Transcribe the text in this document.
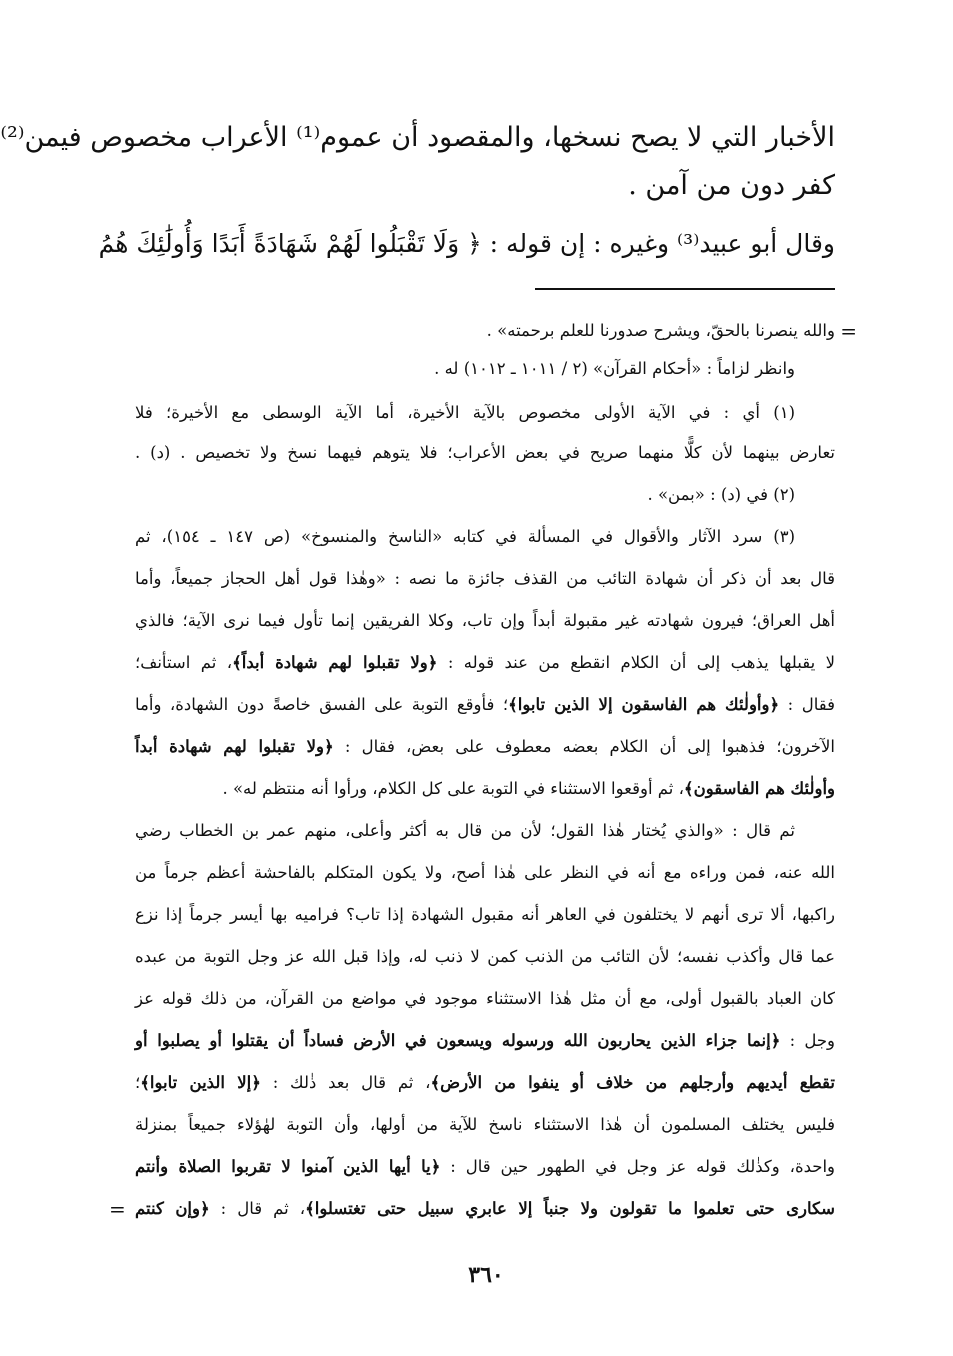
الأخبار التي لا يصح نسخها، والمقصود أن عموم⁽¹⁾ الأعراب مخصوص فيمن⁽²⁾
كفر دون من آمن .
وقال أبو عبيد⁽³⁾ وغيره : إن قوله : ﴿ وَلَا تَقْبَلُوا لَهُمْ شَهَادَةً أَبَدًا وَأُولَٰئِكَ هُمُ
=
والله ينصرنا بالحقّ، ويشرح صدورنا للعلم برحمته» .
وانظر لزاماً : «أحكام القرآن» (٢ / ١٠١١ ـ ١٠١٢) له .
(١) أي : في الآية الأولى مخصوص بالآية الأخيرة، أما الآية الوسطى مع الأخيرة؛ فلا
تعارض بينهما لأن كلًّا منهما صريح في بعض الأعراب؛ فلا يتوهم فيهما نسخ ولا تخصيص . (د) .
(٢) في (د) : «بمن» .
(٣) سرد الآثار والأقوال في المسألة في كتابه «الناسخ والمنسوخ» (ص ١٤٧ ـ ١٥٤)، ثم
قال بعد أن ذكر أن شهادة التائب من القذف جائزة ما نصه : «وهٰذا قول أهل الحجاز جميعاً، وأما
أهل العراق؛ فيرون شهادته غير مقبولة أبداً وإن تاب، وكلا الفريقين إنما تأول فيما نرى الآية؛ فالذي
لا يقبلها يذهب إلى أن الكلام انقطع من عند قوله : ﴿ولا تقبلوا لهم شهادة أبداً﴾، ثم استأنف؛
فقال : ﴿وأولٰئك هم الفاسقون إلا الذين تابوا﴾؛ فأوقع التوبة على الفسق خاصةً دون الشهادة، وأما
الآخرون؛ فذهبوا إلى أن الكلام بعضه معطوف على بعض، فقال : ﴿ولا تقبلوا لهم شهادة أبداً
وأولٰئك هم الفاسقون﴾، ثم أوقعوا الاستثناء في التوبة على كل الكلام، ورأوا أنه منتظم له» .
ثم قال : «والذي يُختار هٰذا القول؛ لأن من قال به أكثر وأعلى، منهم عمر بن الخطاب رضي
الله عنه، فمن وراءه مع أنه في النظر على هٰذا أصح، ولا يكون المتكلم بالفاحشة أعظم جرماً من
راكبها، ألا ترى أنهم لا يختلفون في العاهر أنه مقبول الشهادة إذا تاب؟ فراميه بها أيسر جرماً إذا نزع
عما قال وأكذب نفسه؛ لأن التائب من الذنب كمن لا ذنب له، وإذا قبل الله عز وجل التوبة من عبده
كان العباد بالقبول أولى، مع أن مثل هٰذا الاستثناء موجود في مواضع من القرآن، من ذلك قوله عز
وجل : ﴿إنما جزاء الذين يحاربون الله ورسوله ويسعون في الأرض فساداً أن يقتلوا أو يصلبوا أو
تقطع أيديهم وأرجلهم من خلاف أو ينفوا من الأرض﴾، ثم قال بعد ذٰلك : ﴿إلا الذين تابوا﴾؛
فليس يختلف المسلمون أن هٰذا الاستثناء ناسخ للآية من أولها، وأن التوبة لهٰؤلاء جميعاً بمنزلة
واحدة، وكذٰلك قوله عز وجل في الطهور حين قال : ﴿يا أيها الذين آمنوا لا تقربوا الصلاة وأنتم
سكارى حتى تعلموا ما تقولون ولا جنباً إلا عابري سبيل حتى تغتسلوا﴾، ثم قال : ﴿وإن كنتم
=
٣٦٠
